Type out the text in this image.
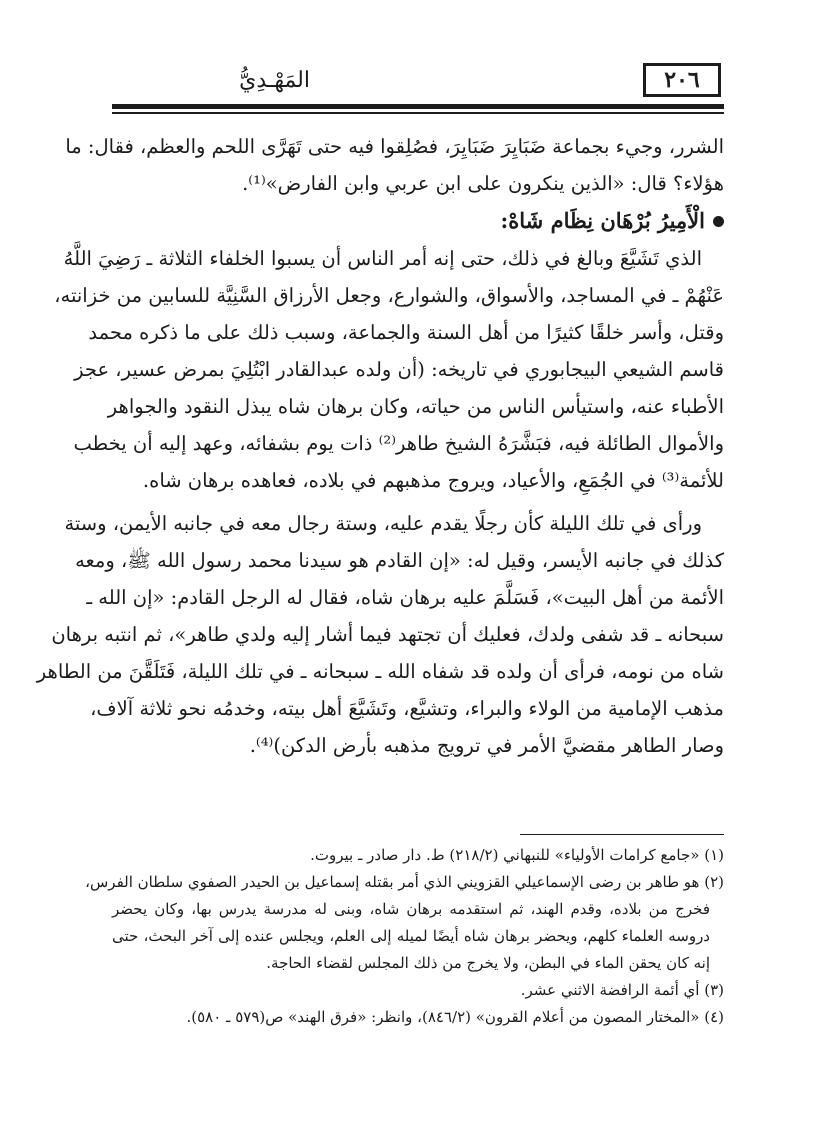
٢٠٦
المَهْـدِيُّ
الشرر، وجيء بجماعة ضَبَايِرَ ضَبَايِرَ، فصُلِقوا فيه حتى تَهَرَّى اللحم والعظم، فقال: ما
هؤلاء؟ قال: «الذين ينكرون على ابن عربي وابن الفارض»⁽¹⁾.
الْأَمِيرُ بُرْهَان نِظَام شَاهْ:
الذي تَشَيَّعَ وبالغ في ذلك، حتى إنه أمر الناس أن يسبوا الخلفاء الثلاثة ـ رَضِيَ اللَّهُ
عَنْهُمْ ـ في المساجد، والأسواق، والشوارع، وجعل الأرزاق السَّنِيَّة للسابين من خزانته،
وقتل، وأسر خلقًا كثيرًا من أهل السنة والجماعة، وسبب ذلك على ما ذكره محمد
قاسم الشيعي البيجابوري في تاريخه: (أن ولده عبدالقادر ابْتُلِيَ بمرض عسير، عجز
الأطباء عنه، واستيأس الناس من حياته، وكان برهان شاه يبذل النقود والجواهر
والأموال الطائلة فيه، فبَشَّرَهُ الشيخ طاهر⁽²⁾ ذات يوم بشفائه، وعهد إليه أن يخطب
للأئمة⁽³⁾ في الجُمَعِ، والأعياد، ويروج مذهبهم في بلاده، فعاهده برهان شاه.
ورأى في تلك الليلة كأن رجلًا يقدم عليه، وستة رجال معه في جانبه الأيمن، وستة
كذلك في جانبه الأيسر، وقيل له: «إن القادم هو سيدنا محمد رسول الله ﷺ، ومعه
الأئمة من أهل البيت»، فَسَلَّمَ عليه برهان شاه، فقال له الرجل القادم: «إن الله ـ
سبحانه ـ قد شفى ولدك، فعليك أن تجتهد فيما أشار إليه ولدي طاهر»، ثم انتبه برهان
شاه من نومه، فرأى أن ولده قد شفاه الله ـ سبحانه ـ في تلك الليلة، فَتَلَقَّنَ من الطاهر
مذهب الإمامية من الولاء والبراء، وتشيَّع، وتَشَيَّعَ أهل بيته، وخدمُه نحو ثلاثة آلاف،
وصار الطاهر مقضيَّ الأمر في ترويج مذهبه بأرض الدكن)⁽⁴⁾.
(١) «جامع كرامات الأولياء» للنبهاني (٢١٨/٢) ط. دار صادر ـ بيروت.
(٢) هو طاهر بن رضى الإسماعيلي القزويني الذي أمر بقتله إسماعيل بن الحيدر الصفوي سلطان الفرس،
فخرج من بلاده، وقدم الهند، ثم استقدمه برهان شاه، وبنى له مدرسة يدرس بها، وكان يحضر
دروسه العلماء كلهم، ويحضر برهان شاه أيضًا لميله إلى العلم، ويجلس عنده إلى آخر البحث، حتى
إنه كان يحقن الماء في البطن، ولا يخرج من ذلك المجلس لقضاء الحاجة.
(٣) أي أئمة الرافضة الاثني عشر.
(٤) «المختار المصون من أعلام القرون» (٨٤٦/٢)، وانظر: «فرق الهند» ص(٥٧٩ ـ ٥٨٠).
